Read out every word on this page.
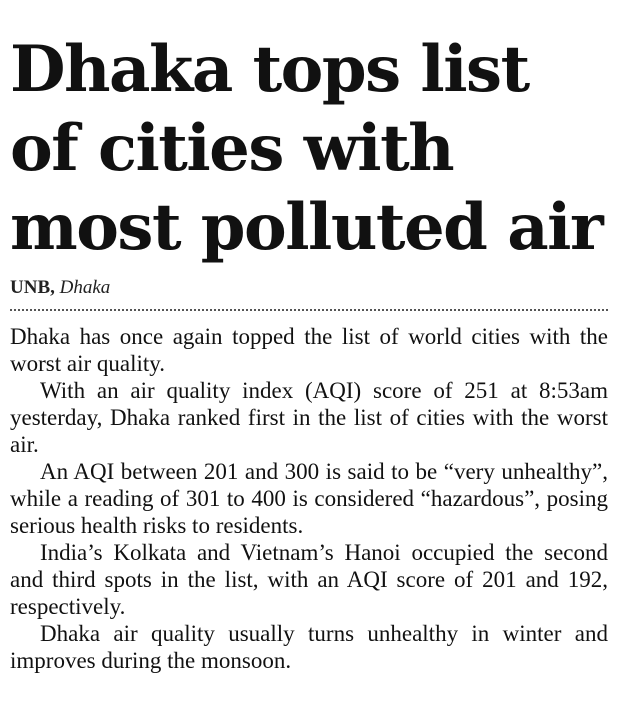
Dhaka tops list
of cities with
most polluted air
UNB, Dhaka

Dhaka has once again topped the list of world cities with the worst air quality.

With an air quality index (AQI) score of 251 at 8:53am yesterday, Dhaka ranked first in the list of cities with the worst air.

An AQI between 201 and 300 is said to be “very unhealthy”, while a reading of 301 to 400 is considered “hazardous”, posing serious health risks to residents.

India’s Kolkata and Vietnam’s Hanoi occupied the second and third spots in the list, with an AQI score of 201 and 192, respectively.

Dhaka air quality usually turns unhealthy in winter and improves during the monsoon.
